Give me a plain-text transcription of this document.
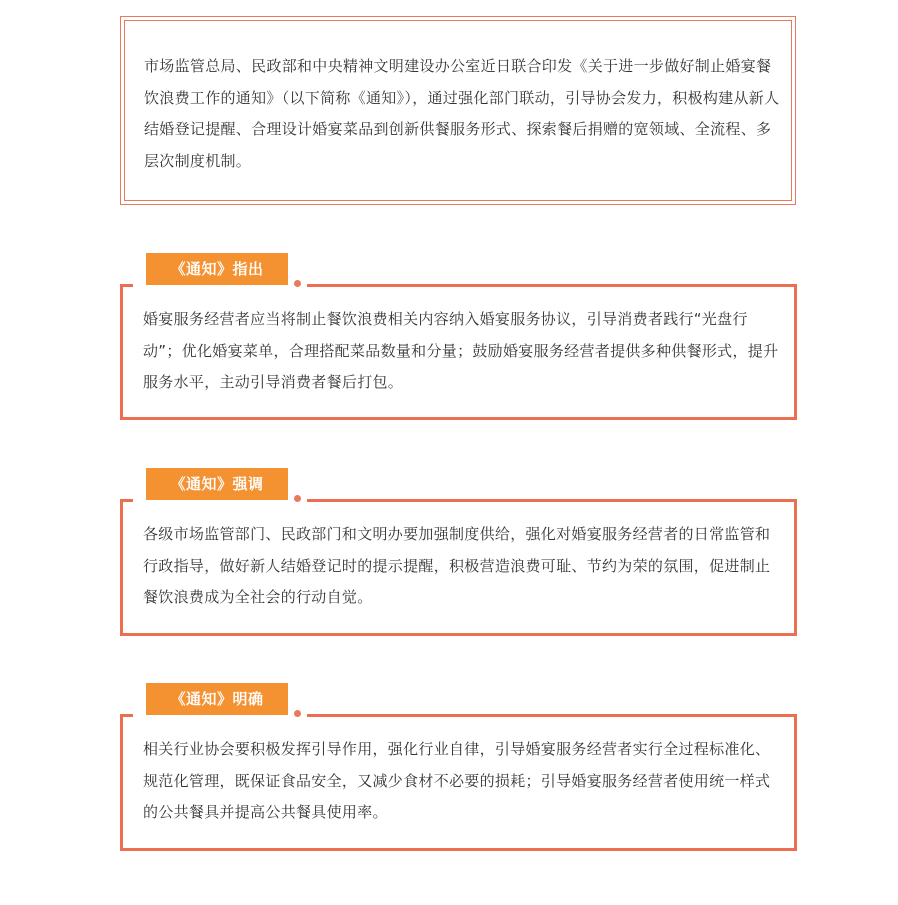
市场监管总局、民政部和中央精神文明建设办公室近日联合印发《关于进一步做好制止婚宴餐饮浪费工作的通知》（以下简称《通知》），通过强化部门联动，引导协会发力，积极构建从新人结婚登记提醒、合理设计婚宴菜品到创新供餐服务形式、探索餐后捐赠的宽领域、全流程、多层次制度机制。

婚宴服务经营者应当将制止餐饮浪费相关内容纳入婚宴服务协议，引导消费者践行“光盘行动”；优化婚宴菜单，合理搭配菜品数量和分量；鼓励婚宴服务经营者提供多种供餐形式，提升服务水平，主动引导消费者餐后打包。

《通知》指出

各级市场监管部门、民政部门和文明办要加强制度供给，强化对婚宴服务经营者的日常监管和行政指导，做好新人结婚登记时的提示提醒，积极营造浪费可耻、节约为荣的氛围，促进制止餐饮浪费成为全社会的行动自觉。

《通知》强调

相关行业协会要积极发挥引导作用，强化行业自律，引导婚宴服务经营者实行全过程标准化、规范化管理，既保证食品安全，又减少食材不必要的损耗；引导婚宴服务经营者使用统一样式的公共餐具并提高公共餐具使用率。

《通知》明确
